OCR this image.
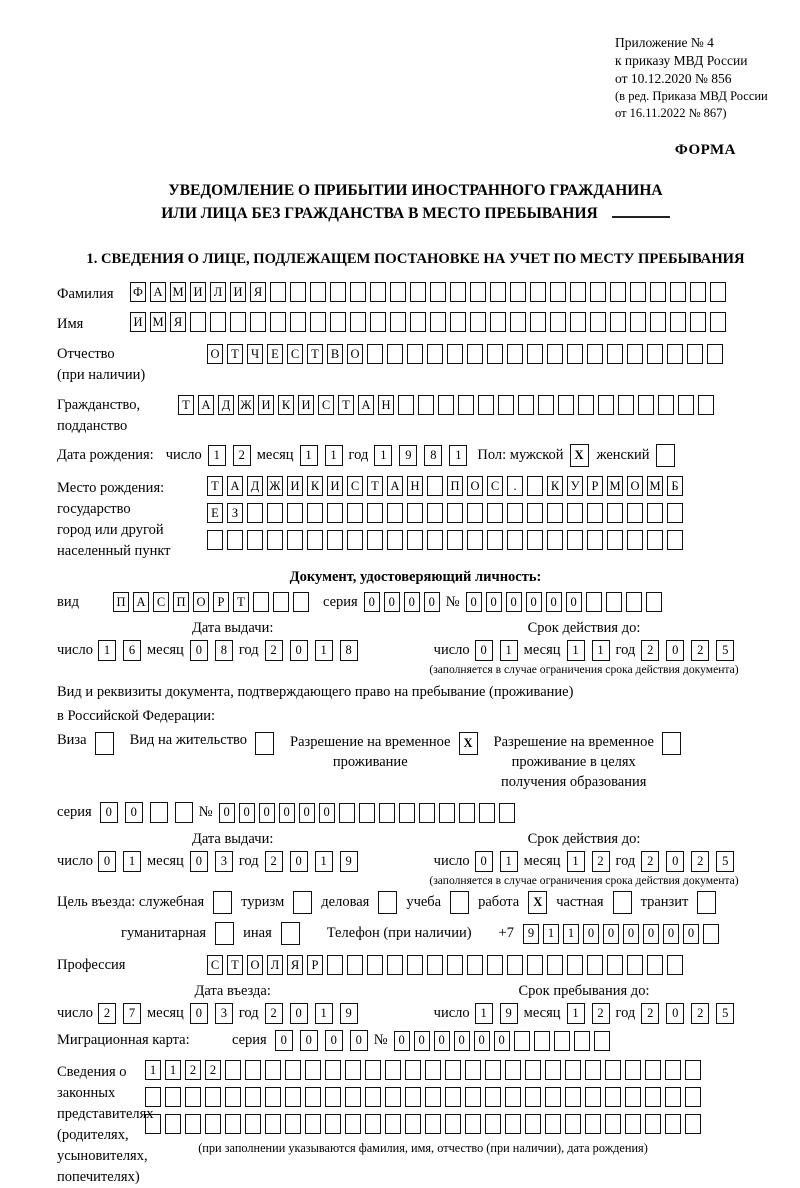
Приложение № 4
к приказу МВД России
от 10.12.2020 № 856
(в ред. Приказа МВД России
от 16.11.2022 № 867)
ФОРМА
УВЕДОМЛЕНИЕ О ПРИБЫТИИ ИНОСТРАННОГО ГРАЖДАНИНА
ИЛИ ЛИЦА БЕЗ ГРАЖДАНСТВА В МЕСТО ПРЕБЫВАНИЯ
1. СВЕДЕНИЯ О ЛИЦЕ, ПОДЛЕЖАЩЕМ ПОСТАНОВКЕ НА УЧЕТ ПО МЕСТУ ПРЕБЫВАНИЯ
Фамилия	Ф А М И Л И Я
Имя	И М Я
Отчество
(при наличии)
О Т Ч Е С Т В О
Гражданство,
подданство
Т А Д Ж И К И С Т А Н
Дата рождения: число 1	2 месяц 1	1 год 1	9	8	1	Пол: мужской X женский
Место рождения:
государство
город или другой
населенный пункт
Т А Д Ж И К И С Т А Н П О С	.	К У Р М О М Б
Е	З
Документ, удостоверяющий личность:
вид	П А С П О Р	Т	серия 0	0	0	0 № 0	0	0	0	0	0
Дата выдачи:
число 1	6 месяц 0	8 год 2	0	1	8
Срок действия до:
число 0	1 месяц 1	1 год 2	0	2	5
(заполняется в случае ограничения срока действия документа)
Вид и реквизиты документа, подтверждающего право на пребывание (проживание)
в Российской Федерации:
Виза	Вид на жительство	Разрешение на временное
проживание
X	Разрешение на временное
проживание в целях
получения образования
серия	0	0	№ 0	0	0	0	0	0
Дата выдачи:
число 0	1 месяц 0	3 год 2	0	1	9
Срок действия до:
число 0	1 месяц 1	2 год 2	0	2	5
(заполняется в случае ограничения срока действия документа)
Цель въезда: служебная	туризм	деловая	учеба	работа	X частная	транзит
гуманитарная	иная	Телефон (при наличии) +7	9	1	1	0	0	0	0	0	0
Профессия	С Т О Л Я Р
Дата въезда:
число 2	7 месяц 0	3 год 2	0	1	9
Срок пребывания до:
число 1	9 месяц 1	2 год 2	0	2	5
Миграционная карта:	серия	0	0	0	0 № 0	0	0	0	0	0
Сведения о
законных
представителях
(родителях,
усыновителях,
попечителях)
1	1	2	2
(при заполнении указываются фамилия, имя, отчество (при наличии), дата рождения)
